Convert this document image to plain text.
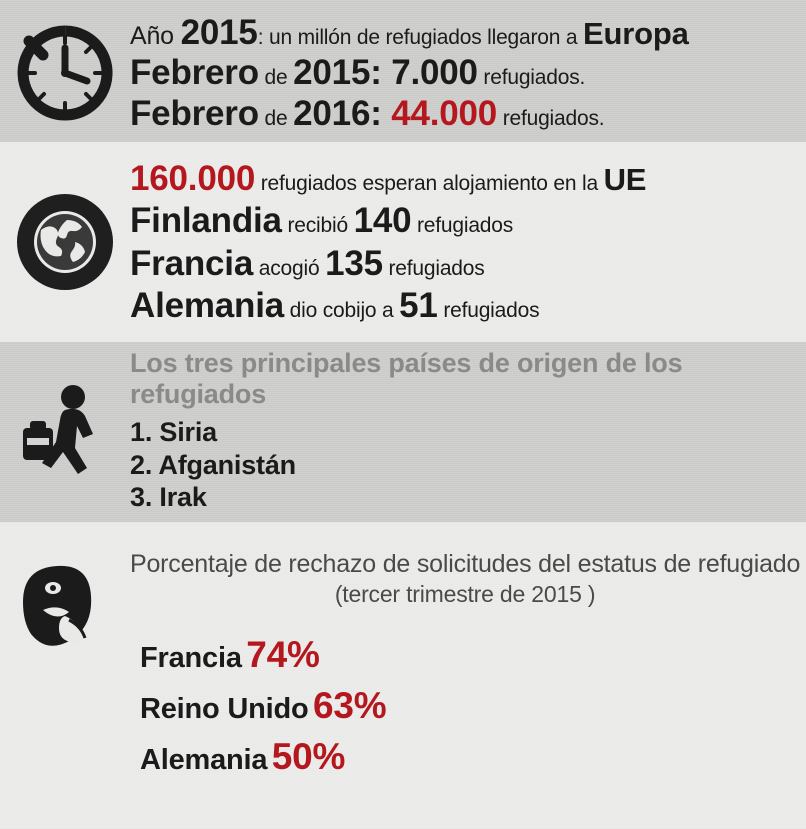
Año 2015: un millón de refugiados llegaron a Europa
Febrero de 2015: 7.000 refugiados.
Febrero de 2016: 44.000 refugiados.
160.000 refugiados esperan alojamiento en la UE
Finlandia recibió 140 refugiados
Francia acogió 135 refugiados
Alemania dio cobijo a 51 refugiados
Los tres principales países de origen de los refugiados
1. Siria
2. Afganistán
3. Irak
Porcentaje de rechazo de solicitudes del estatus de refugiado
(tercer trimestre de 2015 )
Francia 74%
Reino Unido 63%
Alemania 50%
